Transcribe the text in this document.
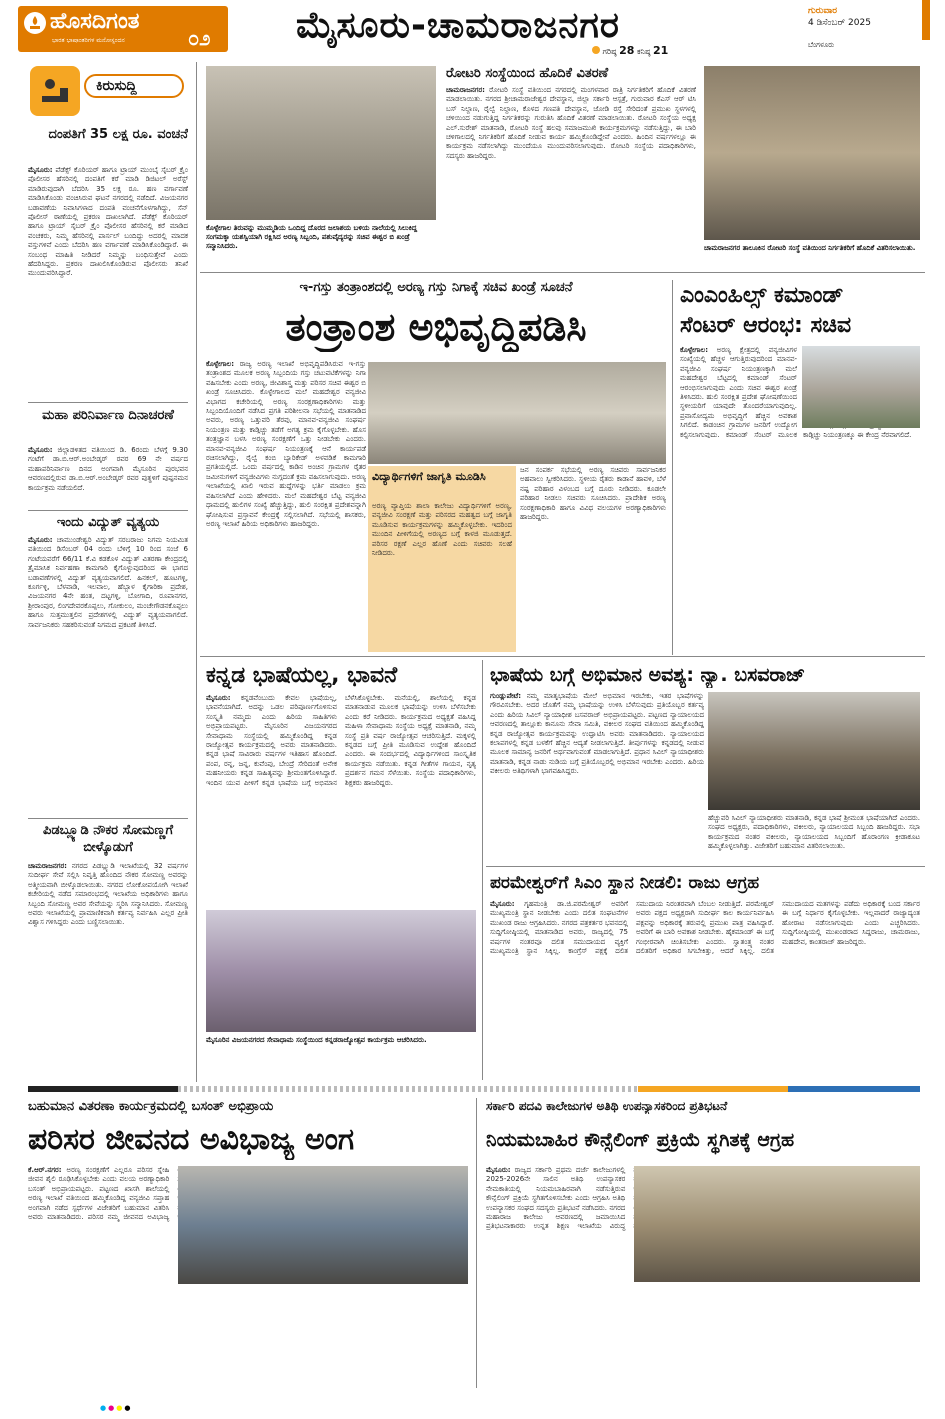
ಹೊಸದಿಗಂತ
ಭಾರತ ಭಾಷಾಂತರಿಗಳ ಮನೋಸ್ಪಂದನ	೦೨ ಮೈಸೂರು-ಚಾಮರಾಜನಗರ
ಗರಿಷ್ಠ 28 ಕನಿಷ್ಠ 21
ಗುರುವಾರ
4 ಡಿಸೆಂಬರ್ 2025
ಬೆಂಗಳೂರು
ಕಿರುಸುದ್ದಿ
ದಂಪತಿಗೆ 35 ಲಕ್ಷ ರೂ. ವಂಚನೆ
ಮೈಸೂರು: ಪೆಡೆಕ್ಸ್ ಕೊರಿಯರ್ ಹಾಗೂ ಟ್ರಾಯ್ ಮುಂಬೈ ಸೈಬರ್ ಕ್ರೈಂ ಪೊಲೀಸರ ಹೆಸರಿನಲ್ಲಿ ದಂಪತಿಗೆ ಕರೆ ಮಾಡಿ ಡಿಜಿಟಲ್ ಅರೆಸ್ಟ್ ಮಾಡಿರುವುದಾಗಿ ಬೆದರಿಸಿ 35 ಲಕ್ಷ ರೂ. ಹಣ ವರ್ಗಾವಣೆ ಮಾಡಿಸಿಕೊಂಡು ವಂಚಿಸಿರುವ ಘಟನೆ ನಗರದಲ್ಲಿ ನಡೆದಿದೆ. ವಿಜಯನಗರ ಬಡಾವಣೆಯ ನಿವಾಸಿಗಳಾದ ದಂಪತಿ ವಂಚನೆಗೊಳಗಾಗಿದ್ದು, ಸೆನ್ ಪೊಲೀಸ್ ಠಾಣೆಯಲ್ಲಿ ಪ್ರಕರಣ ದಾಖಲಾಗಿದೆ. ಪೆಡೆಕ್ಸ್ ಕೊರಿಯರ್ ಹಾಗೂ ಟ್ರಾಯ್ ಸೈಬರ್ ಕ್ರೈಂ ಪೊಲೀಸರ ಹೆಸರಿನಲ್ಲಿ ಕರೆ ಮಾಡಿದ ವಂಚಕರು, ನಿಮ್ಮ ಹೆಸರಿನಲ್ಲಿ ಪಾರ್ಸಲ್ ಬಂದಿದ್ದು ಅದರಲ್ಲಿ ಮಾದಕ ವಸ್ತುಗಳಿವೆ ಎಂದು ಬೆದರಿಸಿ ಹಣ ವರ್ಗಾವಣೆ ಮಾಡಿಸಿಕೊಂಡಿದ್ದಾರೆ. ಈ ಸಂಬಂಧ ಮಾಹಿತಿ ನೀಡಿದರೆ ನಿಮ್ಮನ್ನು ಬಂಧಿಸುತ್ತೇವೆ ಎಂದು ಹೆದರಿಸಿದ್ದರು. ಪ್ರಕರಣ ದಾಖಲಿಸಿಕೊಂಡಿರುವ ಪೊಲೀಸರು ತನಿಖೆ ಮುಂದುವರಿಸಿದ್ದಾರೆ.
ಮಹಾ ಪರಿನಿರ್ವಾಣ ದಿನಾಚರಣೆ
ಮೈಸೂರು: ಜಿಲ್ಲಾಡಳಿತದ ವತಿಯಿಂದ ಡಿ. 6ರಂದು ಬೆಳಗ್ಗೆ 9.30 ಗಂಟೆಗೆ ಡಾ.ಬಿ.ಆರ್.ಅಂಬೇಡ್ಕರ್ ರವರ 69 ನೇ ವರ್ಷದ ಮಹಾಪರಿನಿರ್ವಾಣ ದಿನದ ಅಂಗವಾಗಿ ಮೈಸೂರಿನ ಪುರಭವನ ಆವರಣದಲ್ಲಿರುವ ಡಾ.ಬಿ.ಆರ್.ಅಂಬೇಡ್ಕರ್ ರವರ ಪುತ್ಥಳಿಗೆ ಪುಷ್ಪನಮನ ಕಾರ್ಯಕ್ರಮ ನಡೆಯಲಿದೆ.
ಇಂದು ವಿದ್ಯುತ್ ವ್ಯತ್ಯಯ
ಮೈಸೂರು: ಚಾಮುಂಡೇಶ್ವರಿ ವಿದ್ಯುತ್ ಸರಬರಾಜು ನಿಗಮ ನಿಯಮಿತ ವತಿಯಿಂದ ಡಿಸೆಂಬರ್ 04 ರಂದು ಬೆಳಿಗ್ಗೆ 10 ರಿಂದ ಸಂಜೆ 6 ಗಂಟೆಯವರೆಗೆ 66/11 ಕೆ.ವಿ ಕಡಕೊಳ ವಿದ್ಯುತ್ ವಿತರಣಾ ಕೇಂದ್ರದಲ್ಲಿ ತ್ರೈಮಾಸಿಕ ನಿರ್ವಹಣಾ ಕಾಮಗಾರಿ ಕೈಗೊಳ್ಳುವುದರಿಂದ ಈ ಭಾಗದ ಬಡಾವಣೆಗಳಲ್ಲಿ ವಿದ್ಯುತ್ ವ್ಯತ್ಯಯವಾಗಲಿದೆ. ಹಿನಕಲ್, ಹೂಟಗಳ್ಳಿ, ಕೂರ್ಗಳ್ಳಿ, ಬೆಳವಾಡಿ, ಇಲವಾಲ, ಹೆಬ್ಬಾಳ ಕೈಗಾರಿಕಾ ಪ್ರದೇಶ, ವಿಜಯನಗರ 4ನೇ ಹಂತ, ದಟ್ಟಗಳ್ಳಿ, ಬೋಗಾದಿ, ರೂಪಾನಗರ, ಶ್ರೀರಾಂಪುರ, ಲಿಂಗದೇವರಕೊಪ್ಪಲು, ಗೋಕುಲಂ, ಮಂಚೇಗೌಡನಕೊಪ್ಪಲು ಹಾಗೂ ಸುತ್ತಮುತ್ತಲಿನ ಪ್ರದೇಶಗಳಲ್ಲಿ ವಿದ್ಯುತ್ ವ್ಯತ್ಯಯವಾಗಲಿದೆ. ಸಾರ್ವಜನಿಕರು ಸಹಕರಿಸುವಂತೆ ನಿಗಮದ ಪ್ರಕಟಣೆ ತಿಳಿಸಿದೆ.
ಪಿಡಬ್ಲ್ಯೂಡಿ ನೌಕರ ಸೋಮಣ್ಣಗೆ ಬೀಳ್ಕೊಡುಗೆ
ಚಾಮರಾಜನಗರ: ನಗರದ ಪಿಡಬ್ಲ್ಯುಡಿ ಇಲಾಖೆಯಲ್ಲಿ 32 ವರ್ಷಗಳ ಸುದೀರ್ಘ ಸೇವೆ ಸಲ್ಲಿಸಿ ನಿವೃತ್ತಿ ಹೊಂದಿದ ನೌಕರ ಸೋಮಣ್ಣ ಅವರನ್ನು ಅತ್ಮೀಯವಾಗಿ ಬೀಳ್ಕೊಡಲಾಯಿತು. ನಗರದ ಲೋಕೋಪಯೋಗಿ ಇಲಾಖೆ ಕಚೇರಿಯಲ್ಲಿ ನಡೆದ ಸಮಾರಂಭದಲ್ಲಿ ಇಲಾಖೆಯ ಅಧಿಕಾರಿಗಳು ಹಾಗೂ ಸಿಬ್ಬಂದಿ ಸೋಮಣ್ಣ ಅವರ ಸೇವೆಯನ್ನು ಸ್ಮರಿಸಿ ಸನ್ಮಾನಿಸಿದರು. ಸೋಮಣ್ಣ ಅವರು ಇಲಾಖೆಯಲ್ಲಿ ಪ್ರಾಮಾಣಿಕವಾಗಿ ಕರ್ತವ್ಯ ನಿರ್ವಹಿಸಿ ಎಲ್ಲರ ಪ್ರೀತಿ ವಿಶ್ವಾಸ ಗಳಿಸಿದ್ದರು ಎಂದು ಬಣ್ಣಿಸಲಾಯಿತು.
ಕೊಳ್ಳೇಗಾಲ ತಿರುವನ್ನು ಮುಮ್ಮಡಿಯ ಒಂದಿದ್ದ ದೊರದ ಜಲಾಶಯ ಬಳಿಯ ನಾಲೆಯಲ್ಲಿ ಸಿಲುಕಿದ್ದ ಸಂಗಮಕ್ಕಾ ಯಶಸ್ವಿಯಾಗಿ ರಕ್ಷಿಸಿದ ಅರಣ್ಯ ಸಿಬ್ಬಂದಿ, ಪಶುವೈದ್ಯರನ್ನು ಸಚಿವ ಈಶ್ವರ ಬಿ ಖಂಡ್ರೆ ಸನ್ಮಾನಿಸಿದರು.
ರೋಟರಿ ಸಂಸ್ಥೆಯಿಂದ ಹೊದಿಕೆ ವಿತರಣೆ
ಚಾಮರಾಜನಗರ: ರೋಟರಿ ಸಂಸ್ಥೆ ವತಿಯಿಂದ ನಗರದಲ್ಲಿ ಮಂಗಳವಾರ ರಾತ್ರಿ ನಿರ್ಗತಿಕರಿಗೆ ಹೊದಿಕೆ ವಿತರಣೆ ಮಾಡಲಾಯಿತು. ನಗರದ ಶ್ರೀಚಾಮರಾಜೇಶ್ವರ ದೇವಸ್ಥಾನ, ಜಿಲ್ಲಾ ಸರ್ಕಾರಿ ಆಸ್ಪತ್ರೆ, ಗುರುವಾರ ಕೆಎಸ್ ಆರ್ ಟಿಸಿ ಬಸ್ ನಿಲ್ದಾಣ, ರೈಲ್ವೆ ನಿಲ್ದಾಣ, ಕೊಳದ ಗಣಪತಿ ದೇವಸ್ಥಾನ, ಜೋಡಿ ರಸ್ತೆ ಸೇರಿದಂತೆ ಪ್ರಮುಖ ಸ್ಥಳಗಳಲ್ಲಿ ಚಳಿಯಿಂದ ನಡುಗುತ್ತಿದ್ದ ನಿರ್ಗತಿಕರನ್ನು ಗುರುತಿಸಿ ಹೊದಿಕೆ ವಿತರಣೆ ಮಾಡಲಾಯಿತು. ರೋಟರಿ ಸಂಸ್ಥೆಯ ಅಧ್ಯಕ್ಷ ಎಲ್.ಸುರೇಶ್ ಮಾತನಾಡಿ, ರೋಟರಿ ಸಂಸ್ಥೆ ಹಲವು ಸಮಾಜಮುಖಿ ಕಾರ್ಯಕ್ರಮಗಳನ್ನು ನಡೆಸುತ್ತಿದ್ದು, ಈ ಬಾರಿ ಚಳಿಗಾಲದಲ್ಲಿ ನಿರ್ಗತಿಕರಿಗೆ ಹೊದಿಕೆ ನೀಡುವ ಕಾರ್ಯ ಹಮ್ಮಿಕೊಂಡಿದ್ದೇವೆ ಎಂದರು. ಹಿಂದಿನ ವರ್ಷಗಳಲ್ಲೂ ಈ ಕಾರ್ಯಕ್ರಮ ನಡೆಸಲಾಗಿದ್ದು ಮುಂದೆಯೂ ಮುಂದುವರಿಸಲಾಗುವುದು. ರೋಟರಿ ಸಂಸ್ಥೆಯ ಪದಾಧಿಕಾರಿಗಳು, ಸದಸ್ಯರು ಹಾಜರಿದ್ದರು.
ಚಾಮರಾಜನಗರ ತಾಲೂಕಿನ ರೋಟರಿ ಸಂಸ್ಥೆ ವತಿಯಿಂದ ನಿರ್ಗತಿಕರಿಗೆ ಹೊದಿಕೆ ವಿತರಿಸಲಾಯಿತು.
ಇ-ಗಸ್ತು ತಂತ್ರಾಂಶದಲ್ಲಿ ಅರಣ್ಯ ಗಸ್ತು ನಿಗಾಕ್ಕೆ ಸಚಿವ ಖಂಡ್ರೆ ಸೂಚನೆ
ತಂತ್ರಾಂಶ ಅಭಿವೃದ್ಧಿಪಡಿಸಿ
ಕೊಳ್ಳೇಗಾಲ: ರಾಜ್ಯ ಅರಣ್ಯ ಇಲಾಖೆ ಅಭಿವೃದ್ಧಿಪಡಿಸಿರುವ ಇ-ಗಸ್ತು ತಂತ್ರಾಂಶದ ಮೂಲಕ ಅರಣ್ಯ ಸಿಬ್ಬಂದಿಯ ಗಸ್ತು ಚಟುವಟಿಕೆಗಳನ್ನು ನಿಗಾ ವಹಿಸಬೇಕು ಎಂದು ಅರಣ್ಯ, ಜೀವಿಶಾಸ್ತ್ರ ಮತ್ತು ಪರಿಸರ ಸಚಿವ ಈಶ್ವರ ಬಿ ಖಂಡ್ರೆ ಸೂಚಿಸಿದರು. ಕೊಳ್ಳೇಗಾಲದ ಮಲೆ ಮಹದೇಶ್ವರ ವನ್ಯಜೀವಿ ವಿಭಾಗದ ಕಚೇರಿಯಲ್ಲಿ ಅರಣ್ಯ ಸಂರಕ್ಷಣಾಧಿಕಾರಿಗಳು ಮತ್ತು ಸಿಬ್ಬಂದಿಯೊಂದಿಗೆ ನಡೆಸಿದ ಪ್ರಗತಿ ಪರಿಶೀಲನಾ ಸಭೆಯಲ್ಲಿ ಮಾತನಾಡಿದ ಅವರು, ಅರಣ್ಯ ಒತ್ತುವರಿ ತೆರವು, ಮಾನವ-ವನ್ಯಜೀವಿ ಸಂಘರ್ಷ ನಿಯಂತ್ರಣ ಮತ್ತು ಕಾಡ್ಗಿಚ್ಚು ತಡೆಗೆ ಅಗತ್ಯ ಕ್ರಮ ಕೈಗೊಳ್ಳಬೇಕು. ಹೊಸ ತಂತ್ರಜ್ಞಾನ ಬಳಸಿ ಅರಣ್ಯ ಸಂರಕ್ಷಣೆಗೆ ಒತ್ತು ನೀಡಬೇಕು ಎಂದರು. ಮಾನವ-ವನ್ಯಜೀವಿ ಸಂಘರ್ಷ ನಿಯಂತ್ರಣಕ್ಕೆ ಆನೆ ಕಾರ್ಯಪಡೆ ರಚಿಸಲಾಗಿದ್ದು, ರೈಲ್ವೆ ಕಂಬಿ ಬ್ಯಾರಿಕೇಡ್ ಅಳವಡಿಕೆ ಕಾಮಗಾರಿ ಪ್ರಗತಿಯಲ್ಲಿದೆ. ಒಂದು ವರ್ಷದಲ್ಲಿ ಕಾಡಿನ ಅಂಚಿನ ಗ್ರಾಮಗಳ ರೈತರ ಜಮೀನುಗಳಿಗೆ ವನ್ಯಜೀವಿಗಳು ನುಗ್ಗದಂತೆ ಕ್ರಮ ವಹಿಸಲಾಗುವುದು. ಅರಣ್ಯ ಇಲಾಖೆಯಲ್ಲಿ ಖಾಲಿ ಇರುವ ಹುದ್ದೆಗಳನ್ನು ಭರ್ತಿ ಮಾಡಲು ಕ್ರಮ ವಹಿಸಲಾಗಿದೆ ಎಂದು ಹೇಳಿದರು. ಮಲೆ ಮಹದೇಶ್ವರ ಬೆಟ್ಟ ವನ್ಯಜೀವಿ ಧಾಮದಲ್ಲಿ ಹುಲಿಗಳ ಸಂಖ್ಯೆ ಹೆಚ್ಚುತ್ತಿದ್ದು, ಹುಲಿ ಸಂರಕ್ಷಿತ ಪ್ರದೇಶವನ್ನಾಗಿ ಘೋಷಿಸುವ ಪ್ರಸ್ತಾವನೆ ಕೇಂದ್ರಕ್ಕೆ ಸಲ್ಲಿಸಲಾಗಿದೆ. ಸಭೆಯಲ್ಲಿ ಶಾಸಕರು, ಅರಣ್ಯ ಇಲಾಖೆ ಹಿರಿಯ ಅಧಿಕಾರಿಗಳು ಹಾಜರಿದ್ದರು.
ವಿದ್ಯಾರ್ಥಿಗಳಿಗೆ ಜಾಗೃತಿ ಮೂಡಿಸಿ
ಅರಣ್ಯ ವ್ಯಾಪ್ತಿಯ ಶಾಲಾ ಕಾಲೇಜು ವಿದ್ಯಾರ್ಥಿಗಳಿಗೆ ಅರಣ್ಯ, ವನ್ಯಜೀವಿ ಸಂರಕ್ಷಣೆ ಮತ್ತು ಪರಿಸರದ ಮಹತ್ವದ ಬಗ್ಗೆ ಜಾಗೃತಿ ಮೂಡಿಸುವ ಕಾರ್ಯಕ್ರಮಗಳನ್ನು ಹಮ್ಮಿಕೊಳ್ಳಬೇಕು. ಇದರಿಂದ ಮುಂದಿನ ಪೀಳಿಗೆಯಲ್ಲಿ ಅರಣ್ಯದ ಬಗ್ಗೆ ಕಾಳಜಿ ಮೂಡುತ್ತದೆ. ಪರಿಸರ ರಕ್ಷಣೆ ಎಲ್ಲರ ಹೊಣೆ ಎಂದು ಸಚಿವರು ಸಲಹೆ ನೀಡಿದರು.
ಜನ ಸಂಪರ್ಕ ಸಭೆಯಲ್ಲಿ ಅರಣ್ಯ ಸಚಿವರು ಸಾರ್ವಜನಿಕರ ಅಹವಾಲು ಸ್ವೀಕರಿಸಿದರು. ಸ್ಥಳೀಯ ರೈತರು ಕಾಡಾನೆ ಹಾವಳಿ, ಬೆಳೆ ನಷ್ಟ ಪರಿಹಾರ ವಿಳಂಬದ ಬಗ್ಗೆ ದೂರು ನೀಡಿದರು. ಕೂಡಲೇ ಪರಿಹಾರ ನೀಡಲು ಸಚಿವರು ಸೂಚಿಸಿದರು. ಪ್ರಾದೇಶಿಕ ಅರಣ್ಯ ಸಂರಕ್ಷಣಾಧಿಕಾರಿ ಹಾಗೂ ವಿವಿಧ ವಲಯಗಳ ಅರಣ್ಯಾಧಿಕಾರಿಗಳು ಹಾಜರಿದ್ದರು.
ಎಂಎಂಹಿಲ್ಸ್ ಕಮಾಂಡ್
ಸೆಂಟರ್ ಆರಂಭ: ಸಚಿವ
ಕೊಳ್ಳೇಗಾಲ: ಅರಣ್ಯ ಕ್ಷೇತ್ರದಲ್ಲಿ ವನ್ಯಜೀವಿಗಳ ಸಂಖ್ಯೆಯಲ್ಲಿ ಹೆಚ್ಚಳ ಆಗುತ್ತಿರುವುದರಿಂದ ಮಾನವ-ವನ್ಯಜೀವಿ ಸಂಘರ್ಷ ನಿಯಂತ್ರಣಕ್ಕಾಗಿ ಮಲೆ ಮಹದೇಶ್ವರ ಬೆಟ್ಟದಲ್ಲಿ ಕಮಾಂಡ್ ಸೆಂಟರ್ ಆರಂಭಿಸಲಾಗುವುದು ಎಂದು ಸಚಿವ ಈಶ್ವರ ಖಂಡ್ರೆ ತಿಳಿಸಿದರು. ಹುಲಿ ಸಂರಕ್ಷಿತ ಪ್ರದೇಶ ಘೋಷಣೆಯಿಂದ ಸ್ಥಳೀಯರಿಗೆ ಯಾವುದೇ ತೊಂದರೆಯಾಗುವುದಿಲ್ಲ. ಪ್ರವಾಸೋದ್ಯಮ ಅಭಿವೃದ್ಧಿಗೆ ಹೆಚ್ಚಿನ ಅವಕಾಶ ಸಿಗಲಿದೆ. ಕಾಡಂಚಿನ ಗ್ರಾಮಗಳ ಜನರಿಗೆ ಉದ್ಯೋಗ ಕಲ್ಪಿಸಲಾಗುವುದು. ಕಮಾಂಡ್ ಸೆಂಟರ್ ಮೂಲಕ ಕಾಡ್ಗಿಚ್ಚು ನಿಯಂತ್ರಣಕ್ಕೂ ಈ ಕೇಂದ್ರ ನೆರವಾಗಲಿದೆ.
ಕನ್ನಡ ಭಾಷೆಯಲ್ಲ, ಭಾವನೆ
ಮೈಸೂರು: ಕನ್ನಡವೆಂಬುದು ಕೇವಲ ಭಾಷೆಯಲ್ಲ, ಭಾವನೆಯಾಗಿದೆ. ಅದನ್ನು ಒಡಲ ಪರಿಪೂರ್ಣಗೊಳಿಸುವ ಸಂಸ್ಕೃತಿ ನಮ್ಮದು ಎಂದು ಹಿರಿಯ ಸಾಹಿತಿಗಳು ಅಭಿಪ್ರಾಯಪಟ್ಟರು. ಮೈಸೂರಿನ ವಿಜಯನಗರದ ಸೇವಾಧಾಮ ಸಂಸ್ಥೆಯಲ್ಲಿ ಹಮ್ಮಿಕೊಂಡಿದ್ದ ಕನ್ನಡ ರಾಜ್ಯೋತ್ಸವ ಕಾರ್ಯಕ್ರಮದಲ್ಲಿ ಅವರು ಮಾತನಾಡಿದರು. ಕನ್ನಡ ಭಾಷೆ ಸಾವಿರಾರು ವರ್ಷಗಳ ಇತಿಹಾಸ ಹೊಂದಿದೆ. ಪಂಪ, ರನ್ನ, ಜನ್ನ, ಕುವೆಂಪು, ಬೇಂದ್ರೆ ಸೇರಿದಂತೆ ಅನೇಕ ಮಹನೀಯರು ಕನ್ನಡ ಸಾಹಿತ್ಯವನ್ನು ಶ್ರೀಮಂತಗೊಳಿಸಿದ್ದಾರೆ. ಇಂದಿನ ಯುವ ಪೀಳಿಗೆ ಕನ್ನಡ ಭಾಷೆಯ ಬಗ್ಗೆ ಅಭಿಮಾನ ಬೆಳೆಸಿಕೊಳ್ಳಬೇಕು. ಮನೆಯಲ್ಲಿ, ಶಾಲೆಯಲ್ಲಿ ಕನ್ನಡ ಮಾತನಾಡುವ ಮೂಲಕ ಭಾಷೆಯನ್ನು ಉಳಿಸಿ ಬೆಳೆಸಬೇಕು ಎಂದು ಕರೆ ನೀಡಿದರು. ಕಾರ್ಯಕ್ರಮದ ಅಧ್ಯಕ್ಷತೆ ವಹಿಸಿದ್ದ ಮಹಿಳಾ ಸೇವಾಧಾಮ ಸಂಸ್ಥೆಯ ಅಧ್ಯಕ್ಷೆ ಮಾತನಾಡಿ, ನಮ್ಮ ಸಂಸ್ಥೆ ಪ್ರತಿ ವರ್ಷ ರಾಜ್ಯೋತ್ಸವ ಆಚರಿಸುತ್ತಿದೆ. ಮಕ್ಕಳಲ್ಲಿ ಕನ್ನಡದ ಬಗ್ಗೆ ಪ್ರೀತಿ ಮೂಡಿಸುವ ಉದ್ದೇಶ ಹೊಂದಿದೆ ಎಂದರು. ಈ ಸಂದರ್ಭದಲ್ಲಿ ವಿದ್ಯಾರ್ಥಿಗಳಿಂದ ಸಾಂಸ್ಕೃತಿಕ ಕಾರ್ಯಕ್ರಮ ನಡೆಯಿತು. ಕನ್ನಡ ಗೀತೆಗಳ ಗಾಯನ, ನೃತ್ಯ ಪ್ರದರ್ಶನ ಗಮನ ಸೆಳೆಯಿತು. ಸಂಸ್ಥೆಯ ಪದಾಧಿಕಾರಿಗಳು, ಶಿಕ್ಷಕರು ಹಾಜರಿದ್ದರು.
ಮೈಸೂರಿನ ವಿಜಯನಗರದ ಸೇವಾಧಾಮ ಸಂಸ್ಥೆಯಿಂದ ಕನ್ನಡರಾಜ್ಯೋತ್ಸವ ಕಾರ್ಯಕ್ರಮ ಆಚರಿಸಿದರು.
ಭಾಷೆಯ ಬಗ್ಗೆ ಅಭಿಮಾನ ಅವಶ್ಯ: ನ್ಯಾ. ಬಸವರಾಜ್
ಗುಂಡ್ಲುಪೇಟೆ: ನಮ್ಮ ಮಾತೃಭಾಷೆಯ ಮೇಲೆ ಅಭಿಮಾನ ಇರಬೇಕು, ಇತರ ಭಾಷೆಗಳನ್ನು ಗೌರವಿಸಬೇಕು. ಅದರ ಜೊತೆಗೆ ನಮ್ಮ ಭಾಷೆಯನ್ನು ಉಳಿಸಿ ಬೆಳೆಸುವುದು ಪ್ರತಿಯೊಬ್ಬರ ಕರ್ತವ್ಯ ಎಂದು ಹಿರಿಯ ಸಿವಿಲ್ ನ್ಯಾಯಾಧೀಶ ಬಸವರಾಜ್ ಅಭಿಪ್ರಾಯಪಟ್ಟರು. ಪಟ್ಟಣದ ನ್ಯಾಯಾಲಯದ ಆವರಣದಲ್ಲಿ ತಾಲ್ಲೂಕು ಕಾನೂನು ಸೇವಾ ಸಮಿತಿ, ವಕೀಲರ ಸಂಘದ ವತಿಯಿಂದ ಹಮ್ಮಿಕೊಂಡಿದ್ದ ಕನ್ನಡ ರಾಜ್ಯೋತ್ಸವ ಕಾರ್ಯಕ್ರಮವನ್ನು ಉದ್ಘಾಟಿಸಿ ಅವರು ಮಾತನಾಡಿದರು. ನ್ಯಾಯಾಲಯದ ಕಲಾಪಗಳಲ್ಲಿ ಕನ್ನಡ ಬಳಕೆಗೆ ಹೆಚ್ಚಿನ ಆದ್ಯತೆ ನೀಡಲಾಗುತ್ತಿದೆ. ತೀರ್ಪುಗಳನ್ನು ಕನ್ನಡದಲ್ಲಿ ನೀಡುವ ಮೂಲಕ ಸಾಮಾನ್ಯ ಜನರಿಗೆ ಅರ್ಥವಾಗುವಂತೆ ಮಾಡಲಾಗುತ್ತಿದೆ. ಪ್ರಧಾನ ಸಿವಿಲ್ ನ್ಯಾಯಾಧೀಶರು ಮಾತನಾಡಿ, ಕನ್ನಡ ನಾಡು ನುಡಿಯ ಬಗ್ಗೆ ಪ್ರತಿಯೊಬ್ಬರಲ್ಲಿ ಅಭಿಮಾನ ಇರಬೇಕು ಎಂದರು. ಹಿರಿಯ ವಕೀಲರು ಅತಿಥಿಗಳಾಗಿ ಭಾಗವಹಿಸಿದ್ದರು.
ಹೆಚ್ಚುವರಿ ಸಿವಿಲ್ ನ್ಯಾಯಾಧೀಶರು ಮಾತನಾಡಿ, ಕನ್ನಡ ಭಾಷೆ ಶ್ರೀಮಂತ ಭಾಷೆಯಾಗಿದೆ ಎಂದರು. ಸಂಘದ ಅಧ್ಯಕ್ಷರು, ಪದಾಧಿಕಾರಿಗಳು, ವಕೀಲರು, ನ್ಯಾಯಾಲಯದ ಸಿಬ್ಬಂದಿ ಹಾಜರಿದ್ದರು. ಸಭಾ ಕಾರ್ಯಕ್ರಮದ ನಂತರ ವಕೀಲರು, ನ್ಯಾಯಾಲಯದ ಸಿಬ್ಬಂದಿಗೆ ಹೊರಾಂಗಣ ಕ್ರೀಡಾಕೂಟ ಹಮ್ಮಿಕೊಳ್ಳಲಾಗಿತ್ತು. ವಿಜೇತರಿಗೆ ಬಹುಮಾನ ವಿತರಿಸಲಾಯಿತು.
ಪರಮೇಶ್ವರ್‌ಗೆ ಸಿಎಂ ಸ್ಥಾನ ನೀಡಲಿ: ರಾಜು ಆಗ್ರಹ
ಮೈಸೂರು: ಗೃಹಮಂತ್ರಿ ಡಾ.ಜಿ.ಪರಮೇಶ್ವರ್ ಅವರಿಗೆ ಮುಖ್ಯಮಂತ್ರಿ ಸ್ಥಾನ ನೀಡಬೇಕು ಎಂದು ದಲಿತ ಸಂಘಟನೆಗಳ ಮುಖಂಡ ರಾಜು ಆಗ್ರಹಿಸಿದರು. ನಗರದ ಪತ್ರಕರ್ತರ ಭವನದಲ್ಲಿ ಸುದ್ದಿಗೋಷ್ಠಿಯಲ್ಲಿ ಮಾತನಾಡಿದ ಅವರು, ರಾಜ್ಯದಲ್ಲಿ 75 ವರ್ಷಗಳ ನಂತರವೂ ದಲಿತ ಸಮುದಾಯದ ವ್ಯಕ್ತಿಗೆ ಮುಖ್ಯಮಂತ್ರಿ ಸ್ಥಾನ ಸಿಕ್ಕಿಲ್ಲ. ಕಾಂಗ್ರೆಸ್ ಪಕ್ಷಕ್ಕೆ ದಲಿತ ಸಮುದಾಯ ನಿರಂತರವಾಗಿ ಬೆಂಬಲ ನೀಡುತ್ತಿದೆ. ಪರಮೇಶ್ವರ್ ಅವರು ಪಕ್ಷದ ಅಧ್ಯಕ್ಷರಾಗಿ ಸುದೀರ್ಘ ಕಾಲ ಕಾರ್ಯನಿರ್ವಹಿಸಿ ಪಕ್ಷವನ್ನು ಅಧಿಕಾರಕ್ಕೆ ತರುವಲ್ಲಿ ಪ್ರಮುಖ ಪಾತ್ರ ವಹಿಸಿದ್ದಾರೆ. ಅವರಿಗೆ ಈ ಬಾರಿ ಅವಕಾಶ ನೀಡಬೇಕು. ಹೈಕಮಾಂಡ್ ಈ ಬಗ್ಗೆ ಗಂಭೀರವಾಗಿ ಚಿಂತಿಸಬೇಕು ಎಂದರು. ಸ್ವಾತಂತ್ರ್ಯ ನಂತರ ದಲಿತರಿಗೆ ಅಧಿಕಾರ ಸಿಗಬೇಕಿತ್ತು, ಆದರೆ ಸಿಕ್ಕಿಲ್ಲ. ದಲಿತ ಸಮುದಾಯದ ಮತಗಳನ್ನು ಪಡೆದು ಅಧಿಕಾರಕ್ಕೆ ಬಂದ ಸರ್ಕಾರ ಈ ಬಗ್ಗೆ ನಿರ್ಧಾರ ಕೈಗೊಳ್ಳಬೇಕು. ಇಲ್ಲವಾದರೆ ರಾಜ್ಯಾದ್ಯಂತ ಹೋರಾಟ ನಡೆಸಲಾಗುವುದು ಎಂದು ಎಚ್ಚರಿಸಿದರು. ಸುದ್ದಿಗೋಷ್ಠಿಯಲ್ಲಿ ಮುಖಂಡರಾದ ಸಿದ್ದರಾಜು, ಚಾಮರಾಜು, ಮಹದೇವ, ಕಾಂತರಾಜ್ ಹಾಜರಿದ್ದರು.
ಬಹುಮಾನ ವಿತರಣಾ ಕಾರ್ಯಕ್ರಮದಲ್ಲಿ ಬಸಂತ್ ಅಭಿಪ್ರಾಯ
ಪರಿಸರ ಜೀವನದ ಅವಿಭಾಜ್ಯ ಅಂಗ
ಕೆ.ಆರ್.ನಗರ: ಅರಣ್ಯ ಸಂರಕ್ಷಣೆಗೆ ಎಲ್ಲರೂ ಪರಿಸರ ಸ್ನೇಹಿ ಜೀವನ ಶೈಲಿ ರೂಢಿಸಿಕೊಳ್ಳಬೇಕು ಎಂದು ವಲಯ ಅರಣ್ಯಾಧಿಕಾರಿ ಬಸಂತ್ ಅಭಿಪ್ರಾಯಪಟ್ಟರು. ಪಟ್ಟಣದ ಖಾಸಗಿ ಶಾಲೆಯಲ್ಲಿ ಅರಣ್ಯ ಇಲಾಖೆ ವತಿಯಿಂದ ಹಮ್ಮಿಕೊಂಡಿದ್ದ ವನ್ಯಜೀವಿ ಸಪ್ತಾಹ ಅಂಗವಾಗಿ ನಡೆದ ಸ್ಪರ್ಧೆಗಳ ವಿಜೇತರಿಗೆ ಬಹುಮಾನ ವಿತರಿಸಿ ಅವರು ಮಾತನಾಡಿದರು. ಪರಿಸರ ನಮ್ಮ ಜೀವನದ ಅವಿಭಾಜ್ಯ
ಸರ್ಕಾರಿ ಪದವಿ ಕಾಲೇಜುಗಳ ಅತಿಥಿ ಉಪನ್ಯಾಸಕರಿಂದ ಪ್ರತಿಭಟನೆ
ನಿಯಮಬಾಹಿರ ಕೌನ್ಸೆಲಿಂಗ್ ಪ್ರಕ್ರಿಯೆ ಸ್ಥಗಿತಕ್ಕೆ ಆಗ್ರಹ
ಮೈಸೂರು: ರಾಜ್ಯದ ಸರ್ಕಾರಿ ಪ್ರಥಮ ದರ್ಜೆ ಕಾಲೇಜುಗಳಲ್ಲಿ 2025-2026ನೇ ಸಾಲಿನ ಅತಿಥಿ ಉಪನ್ಯಾಸಕರ ನೇಮಕಾತಿಯಲ್ಲಿ ನಿಯಮಬಾಹಿರವಾಗಿ ನಡೆಸುತ್ತಿರುವ ಕೌನ್ಸೆಲಿಂಗ್ ಪ್ರಕ್ರಿಯೆ ಸ್ಥಗಿತಗೊಳಿಸಬೇಕು ಎಂದು ಆಗ್ರಹಿಸಿ ಅತಿಥಿ ಉಪನ್ಯಾಸಕರ ಸಂಘದ ಸದಸ್ಯರು ಪ್ರತಿಭಟನೆ ನಡೆಸಿದರು. ನಗರದ ಮಹಾರಾಜ ಕಾಲೇಜು ಆವರಣದಲ್ಲಿ ಜಮಾಯಿಸಿದ ಪ್ರತಿಭಟನಾಕಾರರು ಉನ್ನತ ಶಿಕ್ಷಣ ಇಲಾಖೆಯ ವಿರುದ್ಧ
●●●●
